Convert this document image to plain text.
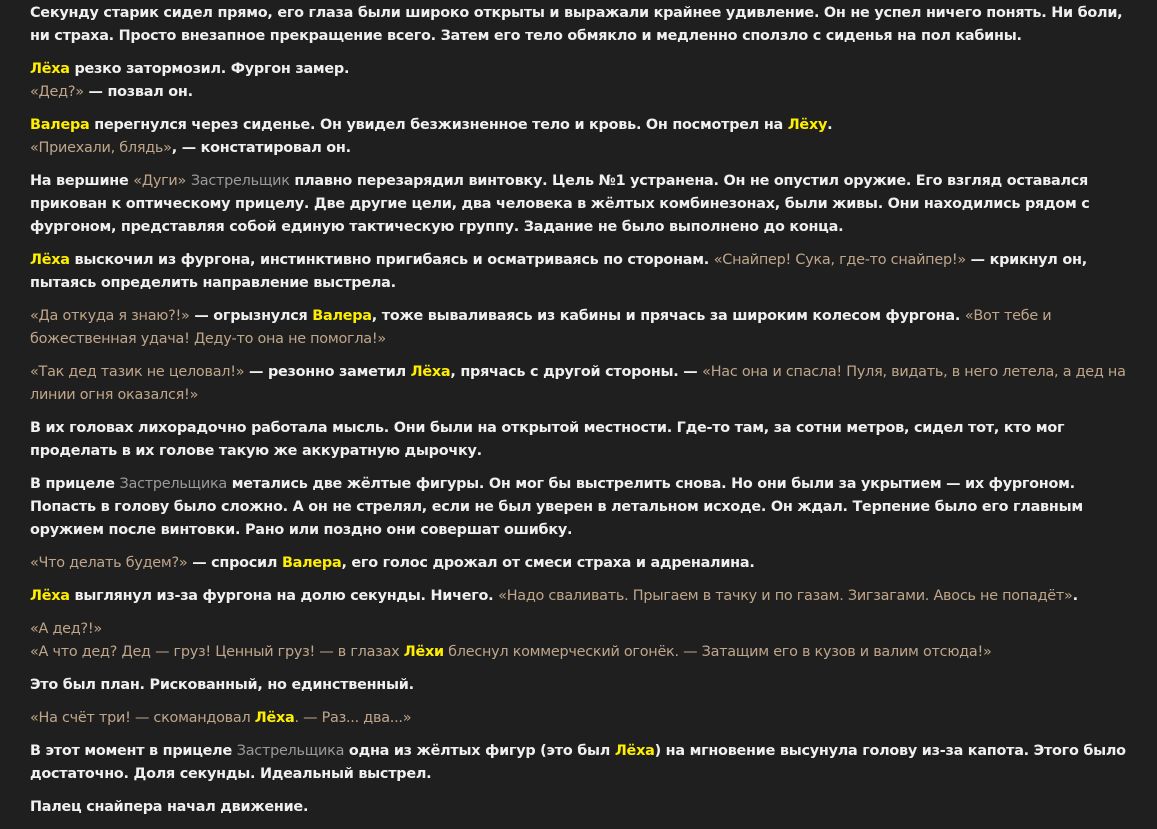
Секунду старик сидел прямо, его глаза были широко открыты и выражали крайнее удивление. Он не успел ничего понять. Ни боли, ни страха. Просто внезапное прекращение всего. Затем его тело обмякло и медленно сползло с сиденья на пол кабины.

Лёха резко затормозил. Фургон замер.

«Дед?» — позвал он.

Валера перегнулся через сиденье. Он увидел безжизненное тело и кровь. Он посмотрел на Лёху.

«Приехали, блядь», — констатировал он.

На вершине «Дуги» Застрельщик плавно перезарядил винтовку. Цель №1 устранена. Он не опустил оружие. Его взгляд оставался прикован к оптическому прицелу. Две другие цели, два человека в жёлтых комбинезонах, были живы. Они находились рядом с фургоном, представляя собой единую тактическую группу. Задание не было выполнено до конца.

Лёха выскочил из фургона, инстинктивно пригибаясь и осматриваясь по сторонам. «Снайпер! Сука, где-то снайпер!» — крикнул он, пытаясь определить направление выстрела.

«Да откуда я знаю?!» — огрызнулся Валера, тоже вываливаясь из кабины и прячась за широким колесом фургона. «Вот тебе и божественная удача! Деду-то она не помогла!»

«Так дед тазик не целовал!» — резонно заметил Лёха, прячась с другой стороны. — «Нас она и спасла! Пуля, видать, в него летела, а дед на линии огня оказался!»

В их головах лихорадочно работала мысль. Они были на открытой местности. Где-то там, за сотни метров, сидел тот, кто мог проделать в их голове такую же аккуратную дырочку.

В прицеле Застрельщика метались две жёлтые фигуры. Он мог бы выстрелить снова. Но они были за укрытием — их фургоном. Попасть в голову было сложно. А он не стрелял, если не был уверен в летальном исходе. Он ждал. Терпение было его главным оружием после винтовки. Рано или поздно они совершат ошибку.

«Что делать будем?» — спросил Валера, его голос дрожал от смеси страха и адреналина.

Лёха выглянул из-за фургона на долю секунды. Ничего. «Надо сваливать. Прыгаем в тачку и по газам. Зигзагами. Авось не попадёт».

«А дед?!»

«А что дед? Дед — груз! Ценный груз! — в глазах Лёхи блеснул коммерческий огонёк. — Затащим его в кузов и валим отсюда!»

Это был план. Рискованный, но единственный.

«На счёт три! — скомандовал Лёха. — Раз... два...»

В этот момент в прицеле Застрельщика одна из жёлтых фигур (это был Лёха) на мгновение высунула голову из-за капота. Этого было достаточно. Доля секунды. Идеальный выстрел.

Палец снайпера начал движение.
